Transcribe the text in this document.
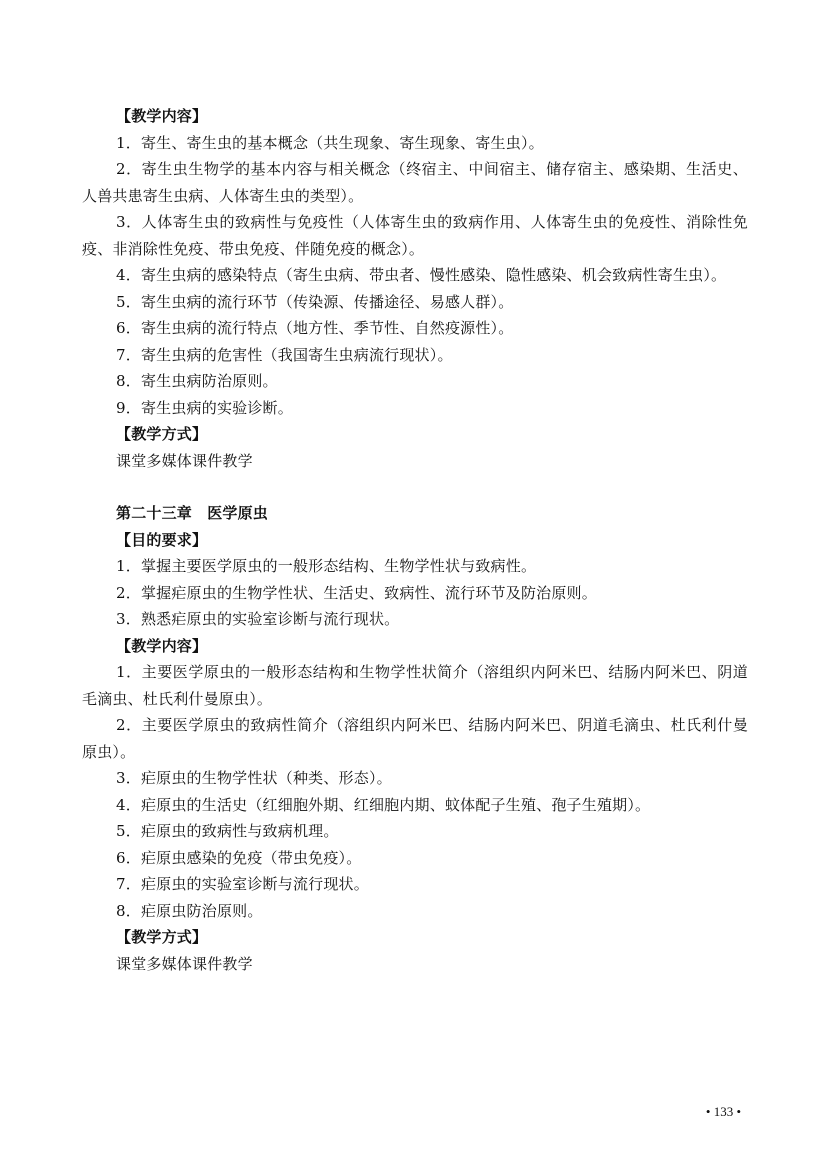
【教学内容】

1．寄生、寄生虫的基本概念（共生现象、寄生现象、寄生虫）。

2．寄生虫生物学的基本内容与相关概念（终宿主、中间宿主、储存宿主、感染期、生活史、人兽共患寄生虫病、人体寄生虫的类型）。

3．人体寄生虫的致病性与免疫性（人体寄生虫的致病作用、人体寄生虫的免疫性、消除性免疫、非消除性免疫、带虫免疫、伴随免疫的概念）。

4．寄生虫病的感染特点（寄生虫病、带虫者、慢性感染、隐性感染、机会致病性寄生虫）。

5．寄生虫病的流行环节（传染源、传播途径、易感人群）。

6．寄生虫病的流行特点（地方性、季节性、自然疫源性）。

7．寄生虫病的危害性（我国寄生虫病流行现状）。

8．寄生虫病防治原则。

9．寄生虫病的实验诊断。

【教学方式】
课堂多媒体课件教学
第二十三章　医学原虫
【目的要求】

1．掌握主要医学原虫的一般形态结构、生物学性状与致病性。

2．掌握疟原虫的生物学性状、生活史、致病性、流行环节及防治原则。

3．熟悉疟原虫的实验室诊断与流行现状。

【教学内容】

1．主要医学原虫的一般形态结构和生物学性状简介（溶组织内阿米巴、结肠内阿米巴、阴道毛滴虫、杜氏利什曼原虫）。

2．主要医学原虫的致病性简介（溶组织内阿米巴、结肠内阿米巴、阴道毛滴虫、杜氏利什曼原虫）。

3．疟原虫的生物学性状（种类、形态）。

4．疟原虫的生活史（红细胞外期、红细胞内期、蚊体配子生殖、孢子生殖期）。

5．疟原虫的致病性与致病机理。

6．疟原虫感染的免疫（带虫免疫）。

7．疟原虫的实验室诊断与流行现状。

8．疟原虫防治原则。

【教学方式】
课堂多媒体课件教学
• 133 •
